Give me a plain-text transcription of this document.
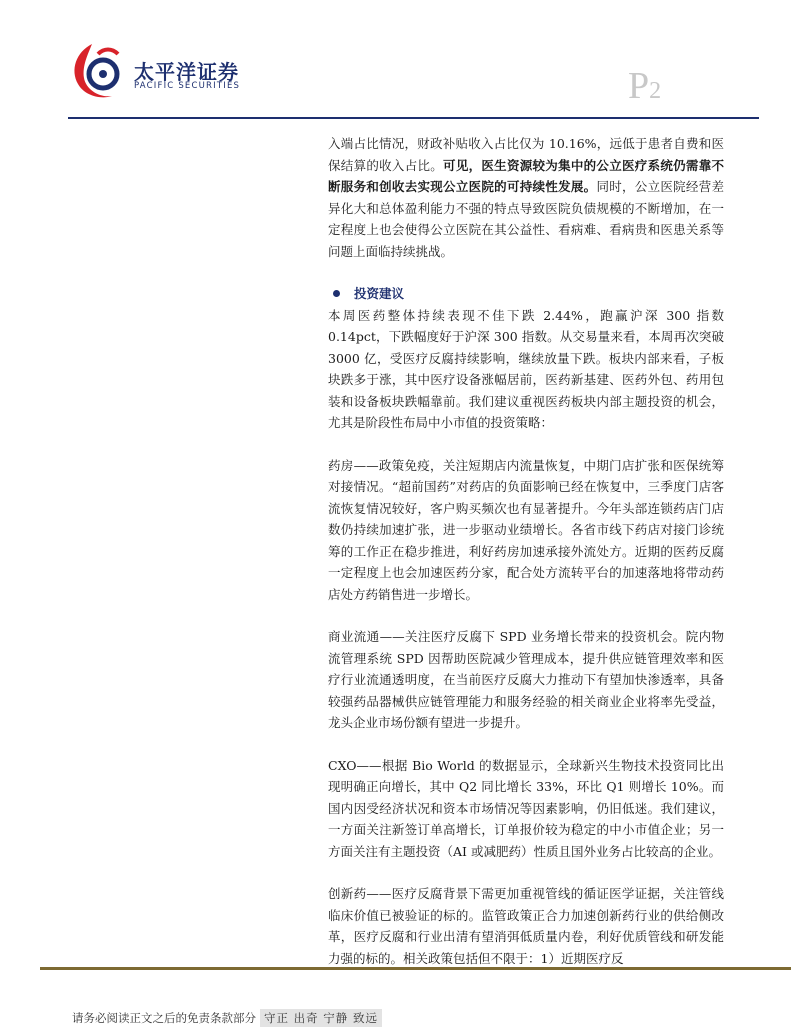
太平洋证券
PACIFIC SECURITIES	P2

入端占比情况，财政补贴收入占比仅为 10.16%，远低于患者自费和医保结算的收入占比。可见，医生资源较为集中的公立医疗系统仍需靠不断服务和创收去实现公立医院的可持续性发展。同时，公立医院经营差异化大和总体盈利能力不强的特点导致医院负债规模的不断增加，在一定程度上也会使得公立医院在其公益性、看病难、看病贵和医患关系等问题上面临持续挑战。

投资建议

本周医药整体持续表现不佳下跌 2.44%，跑赢沪深 300 指数 0.14pct，下跌幅度好于沪深 300 指数。从交易量来看，本周再次突破 3000 亿，受医疗反腐持续影响，继续放量下跌。板块内部来看，子板块跌多于涨，其中医疗设备涨幅居前，医药新基建、医药外包、药用包装和设备板块跌幅靠前。我们建议重视医药板块内部主题投资的机会，尤其是阶段性布局中小市值的投资策略：

药房——政策免疫，关注短期店内流量恢复，中期门店扩张和医保统筹对接情况。“超前国药”对药店的负面影响已经在恢复中，三季度门店客流恢复情况较好，客户购买频次也有显著提升。今年头部连锁药店门店数仍持续加速扩张，进一步驱动业绩增长。各省市线下药店对接门诊统筹的工作正在稳步推进，利好药房加速承接外流处方。近期的医药反腐一定程度上也会加速医药分家，配合处方流转平台的加速落地将带动药店处方药销售进一步增长。

商业流通——关注医疗反腐下 SPD 业务增长带来的投资机会。院内物流管理系统 SPD 因帮助医院减少管理成本，提升供应链管理效率和医疗行业流通透明度，在当前医疗反腐大力推动下有望加快渗透率，具备较强药品器械供应链管理能力和服务经验的相关商业企业将率先受益，龙头企业市场份额有望进一步提升。

CXO——根据 Bio World 的数据显示，全球新兴生物技术投资同比出现明确正向增长，其中 Q2 同比增长 33%，环比 Q1 则增长 10%。而国内因受经济状况和资本市场情况等因素影响，仍旧低迷。我们建议，一方面关注新签订单高增长，订单报价较为稳定的中小市值企业；另一方面关注有主题投资（AI 或减肥药）性质且国外业务占比较高的企业。

创新药——医疗反腐背景下需更加重视管线的循证医学证据，关注管线临床价值已被验证的标的。监管政策正合力加速创新药行业的供给侧改革，医疗反腐和行业出清有望消弭低质量内卷，利好优质管线和研发能力强的标的。相关政策包括但不限于：1）近期医疗反

请务必阅读正文之后的免责条款部分 守正 出奇 宁静 致远
